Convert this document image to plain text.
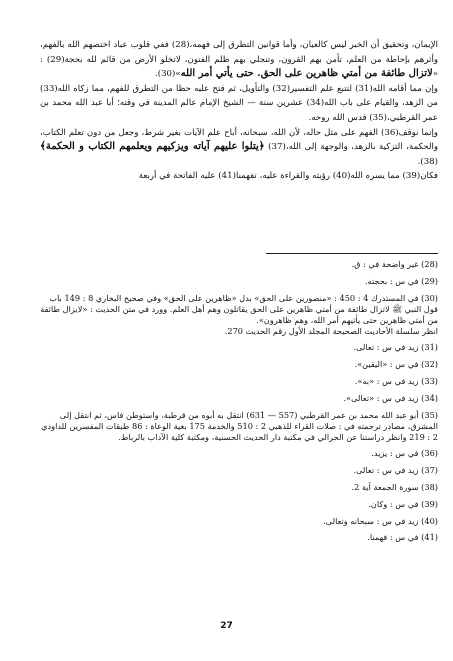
الإيمان، وتحقيق أن الخبر ليس كالعيان، وأما قوانين التطرق إلى فهمه،(28) ففي قلوب عباد اختصهم الله بالفهم، وأثرهم بإحاطة من العلم، تأمن بهم القرون، وتنجلي بهم ظلم الفتون، لاتخلو الأرض من قائم لله بحجة(29) : «لاتزال طائفة من أمتي ظاهرين على الحق. حتى يأتي أمر الله»(30).

وإن مما أقامه الله(31) لتتبع علم التفسير(32) والتأويل، ثم فتح عليه حظا من التطرق للفهم، مما زكاه الله(33) من الزهد، والقيام على باب الله(34) عشرين سنة — الشيخ الإمام عالم المدينة في وقته؛ أبا عبد الله محمد بن عمر القرطبي،(35) قدس الله روحه.

وإنما نوقف(36) الفهم على مثل حاله، لأن الله، سبحانه، أباح علم الآيات بغير شرط، وجعل من دون تعلم الكتاب، والحكمة، التزكية بالزهد، والوجهة إلى الله،(37) ﴿يتلوا عليهم آياته ويزكيهم ويعلمهم الكتاب و الحكمة﴾(38).

فكان(39) مما يسره الله(40) رؤيته والقراءة عليه، تفهمنا(41) عليه الفاتحة في أربعة

(28) غير واضحة في : ق.

(29) في س : بحجته.

(30) في المستدرك 4 : 450 : «منصورين على الحق» بدل «ظاهرين على الحق» وفي صحيح البخاري 8 : 149 باب قول النبي ﷺ لاتزال طائفة من أمتي ظاهرين على الحق يقاتلون وهم أهل العلم. وورد في متن الحديث : «لايزال طائفة من أمتي ظاهرين حتى يأتيهم أمر الله، وهم ظاهرون».
انظر سلسلة الأحاديث الصحيحة المجلد الأول رقم الحديث 270.

(31) زيد في س : تعالى.

(32) في س : «اليقين».

(33) زيد في س : «به».

(34) زيد في س : «تعالى».

(35) أبو عبد الله محمد بن عمر القرطبي (557 — 631) انتقل به أبوه من قرطبة، واستوطن فاس، ثم انتقل إلى المشرق، مصادر ترجمته في : صلات القراء للذهبي 2 : 510 والخدمة 175 بغية الوعاة : 86 طبقات المفسرين للداودي 2 : 219 وانظر دراستنا عن الحرالي في مكتبة دار الحديث الحسنية، ومكتبة كلية الآداب بالرباط.

(36) في س : يزيد.

(37) زيد في س : تعالى.

(38) سورة الجمعة آية 2.

(39) في س : وكان.

(40) زيد في س : سبحانه وتعالى.

(41) في س : فهمنا.

27
